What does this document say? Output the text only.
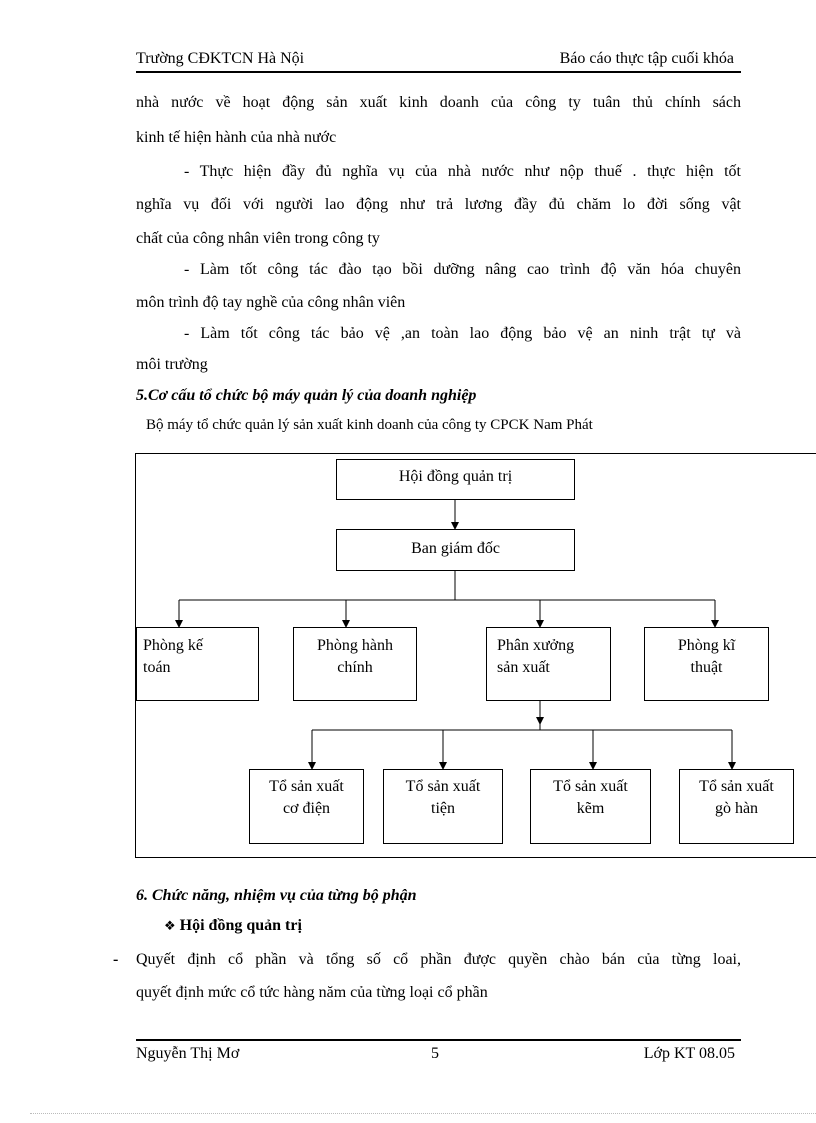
Trường CĐKTCN Hà Nội	Báo cáo thực tập cuối khóa
nhà nước về hoạt động sản xuất kinh doanh của công ty tuân thủ chính sách
kinh tế hiện hành của nhà nước
- Thực hiện đầy đủ nghĩa vụ của nhà nước như nộp thuế . thực hiện tốt
nghĩa vụ đối với người lao động như trả lương đầy đủ chăm lo đời sống vật
chất của công nhân viên trong công ty
- Làm tốt công tác đào tạo bồi dưỡng nâng cao trình độ văn hóa chuyên
môn trình độ tay nghề của công nhân viên
- Làm tốt công tác bảo vệ ,an toàn lao động bảo vệ an ninh trật tự và
môi trường
5.Cơ cấu tổ chức bộ máy quản lý của doanh nghiệp
Bộ máy tổ chức quản lý sản xuất kinh doanh của công ty CPCK Nam Phát
Hội đồng quản trị
Ban giám đốc
Phòng kế
toán
Phòng hành
chính
Phân xưởng
sản xuất
Phòng kĩ
thuật
Tổ sản xuất
cơ điện
Tổ sản xuất
tiện
Tổ sản xuất
kẽm
Tổ sản xuất
gò hàn
6. Chức năng, nhiệm vụ của từng bộ phận
❖ Hội đồng quản trị
- Quyết định cổ phần và tổng số cổ phần được quyền chào bán của từng loai,
quyết định mức cổ tức hàng năm của từng loại cổ phần
Nguyễn Thị Mơ	5	Lớp KT 08.05
